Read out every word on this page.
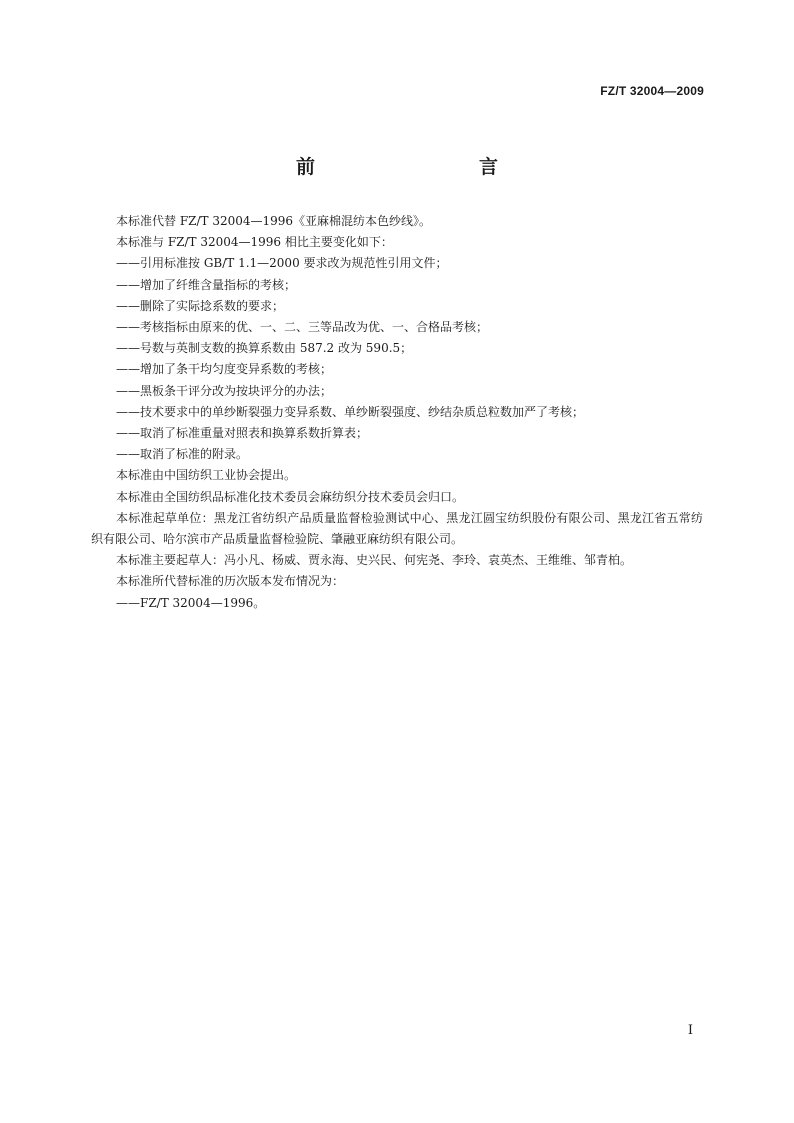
FZ/T 32004—2009
前　　言

本标准代替 FZ/T 32004—1996《亚麻棉混纺本色纱线》。

本标准与 FZ/T 32004—1996 相比主要变化如下：

——引用标准按 GB/T 1.1—2000 要求改为规范性引用文件；

——增加了纤维含量指标的考核；

——删除了实际捻系数的要求；

——考核指标由原来的优、一、二、三等品改为优、一、合格品考核；

——号数与英制支数的换算系数由 587.2 改为 590.5；

——增加了条干均匀度变异系数的考核；

——黑板条干评分改为按块评分的办法；

——技术要求中的单纱断裂强力变异系数、单纱断裂强度、纱结杂质总粒数加严了考核；

——取消了标准重量对照表和换算系数折算表；

——取消了标准的附录。

本标准由中国纺织工业协会提出。

本标准由全国纺织品标准化技术委员会麻纺织分技术委员会归口。

本标准起草单位：黑龙江省纺织产品质量监督检验测试中心、黑龙江圆宝纺织股份有限公司、黑龙江省五常纺织有限公司、哈尔滨市产品质量监督检验院、肇融亚麻纺织有限公司。

本标准主要起草人：冯小凡、杨威、贾永海、史兴民、何宪尧、李玲、袁英杰、王维维、邹青柏。

本标准所代替标准的历次版本发布情况为：

——FZ/T 32004—1996。

I
